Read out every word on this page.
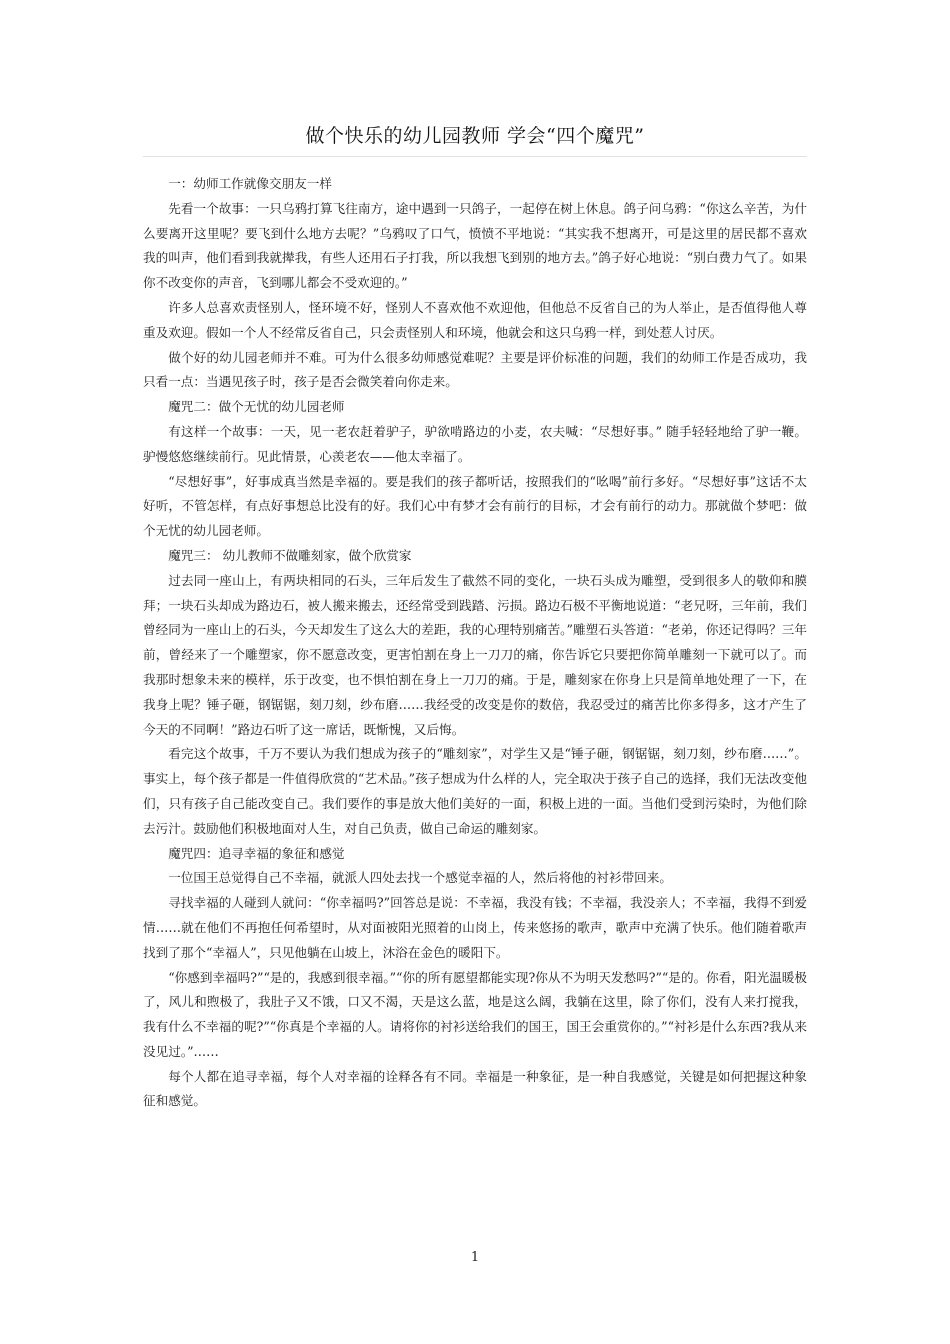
做个快乐的幼儿园教师 学会“四个魔咒”

一：幼师工作就像交朋友一样

先看一个故事：一只乌鸦打算飞往南方，途中遇到一只鸽子，一起停在树上休息。鸽子问乌鸦：“你这么辛苦，为什么要离开这里呢？要飞到什么地方去呢？”乌鸦叹了口气，愤愤不平地说：“其实我不想离开，可是这里的居民都不喜欢我的叫声，他们看到我就撵我，有些人还用石子打我，所以我想飞到别的地方去。”鸽子好心地说：“别白费力气了。如果你不改变你的声音，飞到哪儿都会不受欢迎的。”

许多人总喜欢责怪别人，怪环境不好，怪别人不喜欢他不欢迎他，但他总不反省自己的为人举止，是否值得他人尊重及欢迎。假如一个人不经常反省自己，只会责怪别人和环境，他就会和这只乌鸦一样，到处惹人讨厌。

做个好的幼儿园老师并不难。可为什么很多幼师感觉难呢？主要是评价标准的问题，我们的幼师工作是否成功，我只看一点：当遇见孩子时，孩子是否会微笑着向你走来。

魔咒二：做个无忧的幼儿园老师

有这样一个故事：一天，见一老农赶着驴子，驴欲啃路边的小麦，农夫喊：“尽想好事。” 随手轻轻地给了驴一鞭。驴慢悠悠继续前行。见此情景，心羡老农——他太幸福了。

“尽想好事”，好事成真当然是幸福的。要是我们的孩子都听话，按照我们的“吆喝”前行多好。“尽想好事”这话不太好听，不管怎样，有点好事想总比没有的好。我们心中有梦才会有前行的目标，才会有前行的动力。那就做个梦吧：做个无忧的幼儿园老师。

魔咒三： 幼儿教师不做雕刻家，做个欣赏家

过去同一座山上，有两块相同的石头，三年后发生了截然不同的变化，一块石头成为雕塑，受到很多人的敬仰和膜拜；一块石头却成为路边石，被人搬来搬去，还经常受到践踏、污损。路边石极不平衡地说道：“老兄呀，三年前，我们曾经同为一座山上的石头，今天却发生了这么大的差距，我的心理特别痛苦。”雕塑石头答道：“老弟，你还记得吗？三年前，曾经来了一个雕塑家，你不愿意改变，更害怕割在身上一刀刀的痛，你告诉它只要把你简单雕刻一下就可以了。而我那时想象未来的模样，乐于改变，也不惧怕割在身上一刀刀的痛。于是，雕刻家在你身上只是简单地处理了一下，在我身上呢？锤子砸，钢锯锯，刻刀刻，纱布磨……我经受的改变是你的数倍，我忍受过的痛苦比你多得多，这才产生了今天的不同啊！”路边石听了这一席话，既惭愧，又后悔。

看完这个故事，千万不要认为我们想成为孩子的“雕刻家”，对学生又是“锤子砸，钢锯锯，刻刀刻，纱布磨……”。事实上，每个孩子都是一件值得欣赏的“艺术品。”孩子想成为什么样的人，完全取决于孩子自己的选择，我们无法改变他们，只有孩子自己能改变自己。我们要作的事是放大他们美好的一面，积极上进的一面。当他们受到污染时，为他们除去污汁。鼓励他们积极地面对人生，对自己负责，做自己命运的雕刻家。

魔咒四：追寻幸福的象征和感觉

一位国王总觉得自己不幸福，就派人四处去找一个感觉幸福的人，然后将他的衬衫带回来。

寻找幸福的人碰到人就问：“你幸福吗?”回答总是说：不幸福，我没有钱；不幸福，我没亲人；不幸福，我得不到爱情……就在他们不再抱任何希望时，从对面被阳光照着的山岗上，传来悠扬的歌声，歌声中充满了快乐。他们随着歌声找到了那个“幸福人”，只见他躺在山坡上，沐浴在金色的暖阳下。

“你感到幸福吗?”“是的，我感到很幸福。”“你的所有愿望都能实现?你从不为明天发愁吗?”“是的。你看，阳光温暖极了，风儿和煦极了，我肚子又不饿，口又不渴，天是这么蓝，地是这么阔，我躺在这里，除了你们，没有人来打搅我，我有什么不幸福的呢?”“你真是个幸福的人。请将你的衬衫送给我们的国王，国王会重赏你的。”“衬衫是什么东西?我从来没见过。”……

每个人都在追寻幸福，每个人对幸福的诠释各有不同。幸福是一种象征，是一种自我感觉，关键是如何把握这种象征和感觉。

1
